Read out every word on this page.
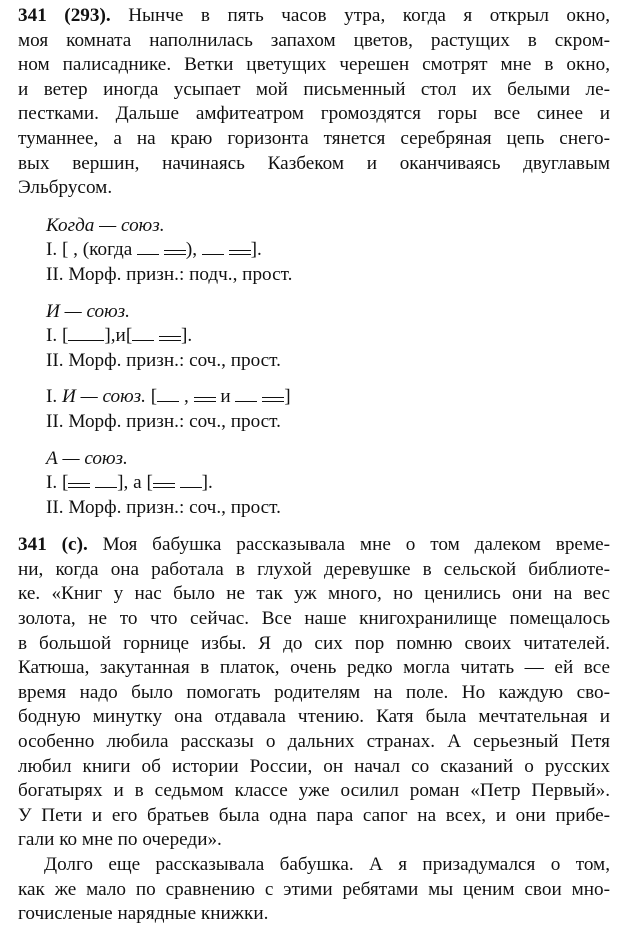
341 (293). Нынче в пять часов утра, когда я открыл окно,
моя комната наполнилась запахом цветов, растущих в скром-
ном палисаднике. Ветки цветущих черешен смотрят мне в окно,
и ветер иногда усыпает мой письменный стол их белыми ле-
пестками. Дальше амфитеатром громоздятся горы все синее и
туманнее, а на краю горизонта тянется серебряная цепь снего-
вых вершин, начинаясь Казбеком и оканчиваясь двуглавым
Эльбрусом.
Когда — союз.
I. [ , (когда	),	].
II. Морф. призн.: подч., прост.
И — союз.
I. [ ],и[	].
II. Морф. призн.: соч., прост.
I. И — союз. [ , и	]
II. Морф. призн.: соч., прост.
А — союз.
I. [	], а [	].
II. Морф. призн.: соч., прост.
341 (с). Моя бабушка рассказывала мне о том далеком време-
ни, когда она работала в глухой деревушке в сельской библиоте-
ке. «Книг у нас было не так уж много, но ценились они на вес
золота, не то что сейчас. Все наше книгохранилище помещалось
в большой горнице избы. Я до сих пор помню своих читателей.
Катюша, закутанная в платок, очень редко могла читать — ей все
время надо было помогать родителям на поле. Но каждую сво-
бодную минутку она отдавала чтению. Катя была мечтательная и
особенно любила рассказы о дальних странах. А серьезный Петя
любил книги об истории России, он начал со сказаний о русских
богатырях и в седьмом классе уже осилил роман «Петр Первый».
У Пети и его братьев была одна пара сапог на всех, и они прибе-
гали ко мне по очереди».
Долго еще рассказывала бабушка. А я призадумался о том,
как же мало по сравнению с этими ребятами мы ценим свои мно-
гочисленые нарядные книжки.
